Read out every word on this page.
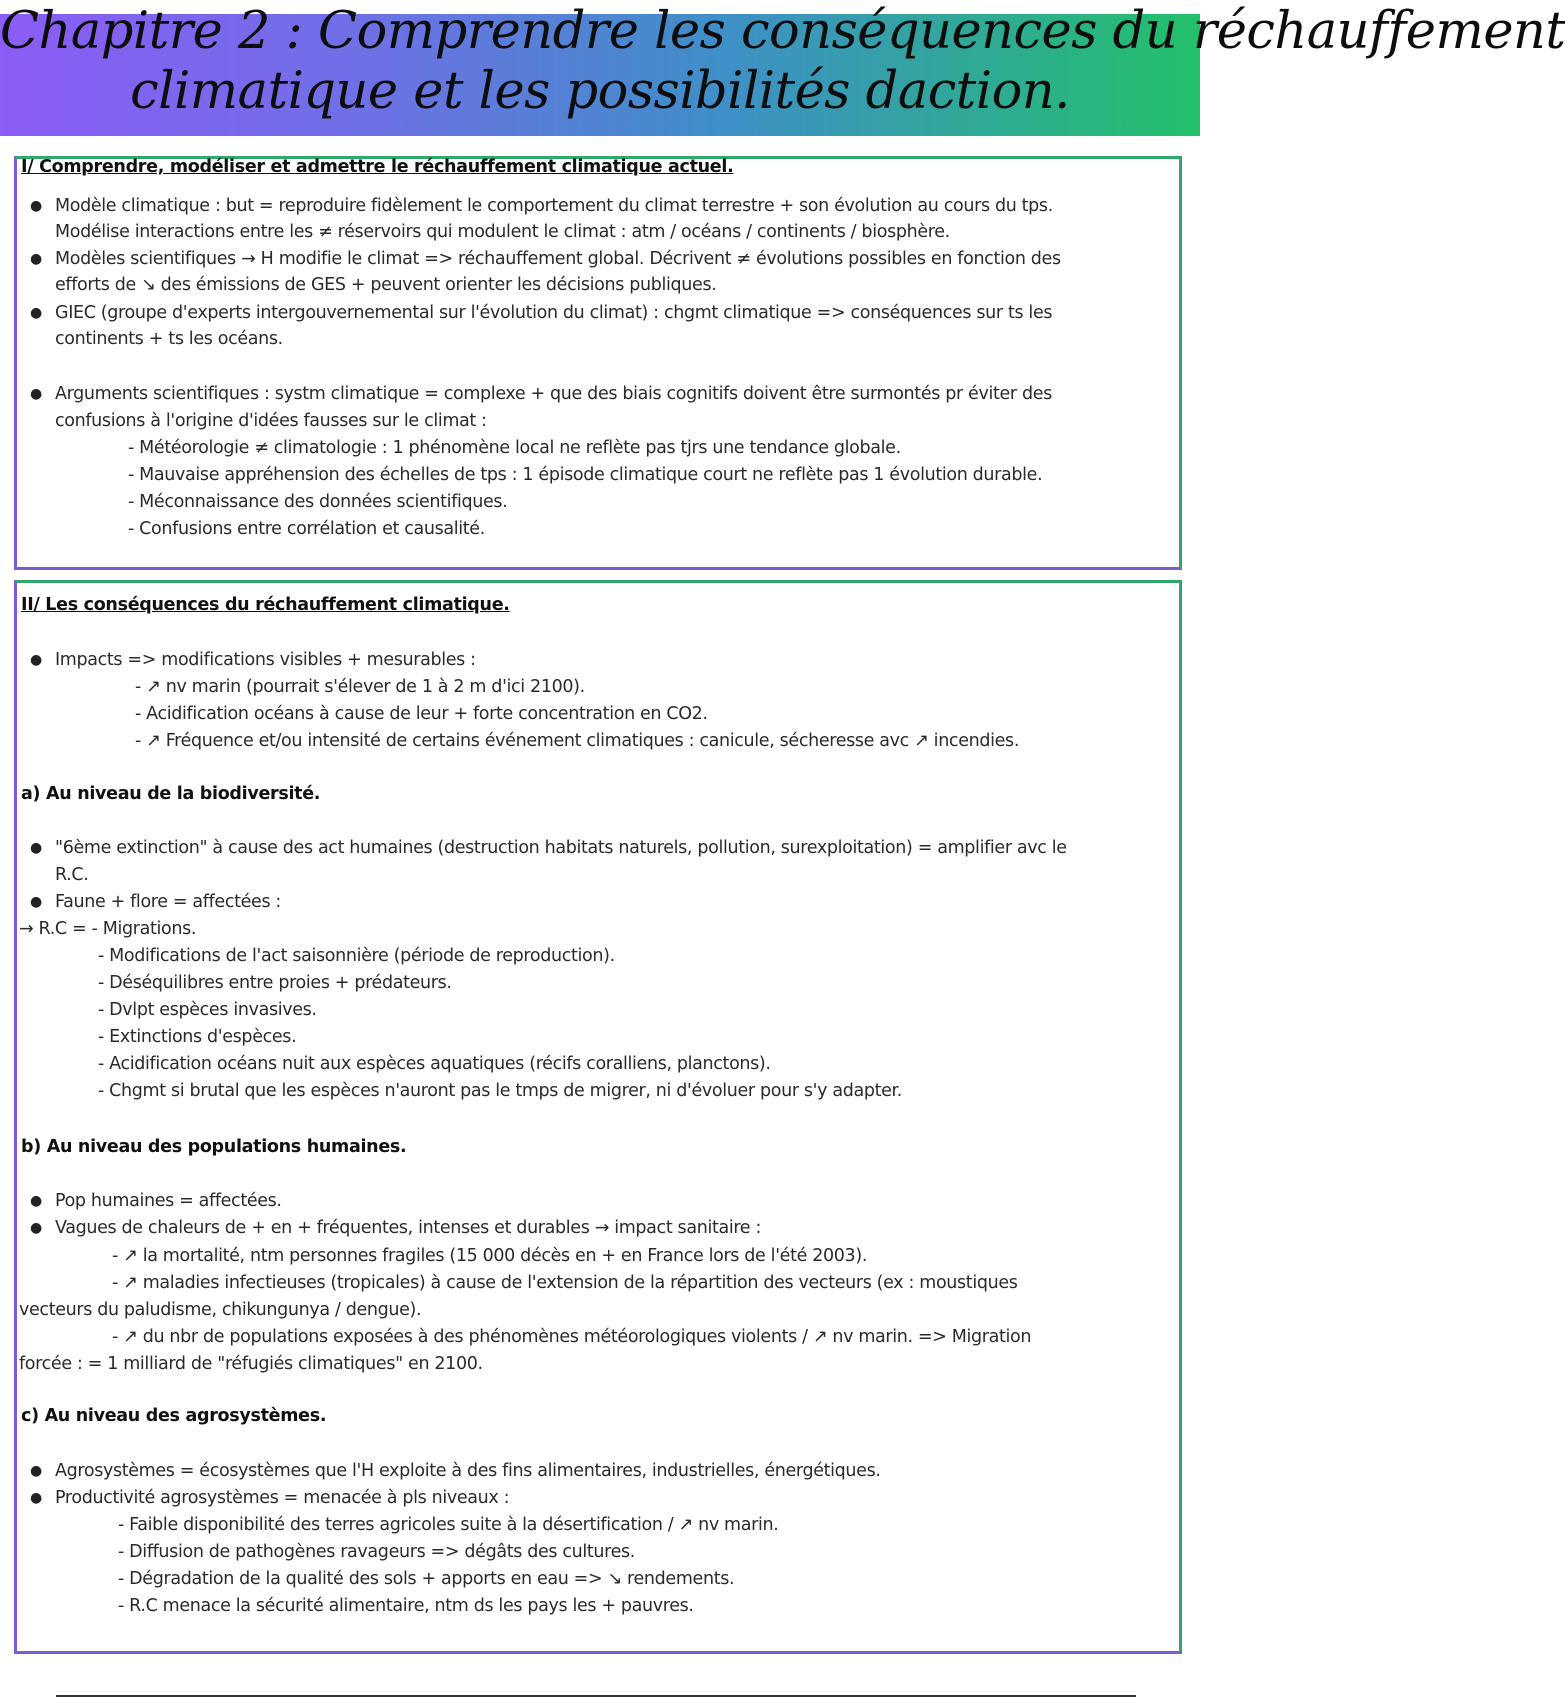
Chapitre 2 : Comprendre les conséquences du réchauffement
climatique et les possibilités daction.
I/ Comprendre, modéliser et admettre le réchauffement climatique actuel.
● Modèle climatique : but = reproduire fidèlement le comportement du climat terrestre + son évolution au cours du tps.
Modélise interactions entre les ≠ réservoirs qui modulent le climat : atm / océans / continents / biosphère.
● Modèles scientifiques → H modifie le climat => réchauffement global. Décrivent ≠ évolutions possibles en fonction des
efforts de ↘ des émissions de GES + peuvent orienter les décisions publiques.
● GIEC (groupe d'experts intergouvernemental sur l'évolution du climat) : chgmt climatique => conséquences sur ts les
continents + ts les océans.
● Arguments scientifiques : systm climatique = complexe + que des biais cognitifs doivent être surmontés pr éviter des
confusions à l'origine d'idées fausses sur le climat :
- Météorologie ≠ climatologie : 1 phénomène local ne reflète pas tjrs une tendance globale.
- Mauvaise appréhension des échelles de tps : 1 épisode climatique court ne reflète pas 1 évolution durable.
- Méconnaissance des données scientifiques.
- Confusions entre corrélation et causalité.
II/ Les conséquences du réchauffement climatique.
● Impacts => modifications visibles + mesurables :
- ↗ nv marin (pourrait s'élever de 1 à 2 m d'ici 2100).
- Acidification océans à cause de leur + forte concentration en CO2.
- ↗ Fréquence et/ou intensité de certains événement climatiques : canicule, sécheresse avc ↗ incendies.
a) Au niveau de la biodiversité.
● "6ème extinction" à cause des act humaines (destruction habitats naturels, pollution, surexploitation) = amplifier avc le
R.C.
● Faune + flore = affectées :
→ R.C = - Migrations.
- Modifications de l'act saisonnière (période de reproduction).
- Déséquilibres entre proies + prédateurs.
- Dvlpt espèces invasives.
- Extinctions d'espèces.
- Acidification océans nuit aux espèces aquatiques (récifs coralliens, planctons).
- Chgmt si brutal que les espèces n'auront pas le tmps de migrer, ni d'évoluer pour s'y adapter.
b) Au niveau des populations humaines.
● Pop humaines = affectées.
● Vagues de chaleurs de + en + fréquentes, intenses et durables → impact sanitaire :
- ↗ la mortalité, ntm personnes fragiles (15 000 décès en + en France lors de l'été 2003).
- ↗ maladies infectieuses (tropicales) à cause de l'extension de la répartition des vecteurs (ex : moustiques
vecteurs du paludisme, chikungunya / dengue).
- ↗ du nbr de populations exposées à des phénomènes météorologiques violents / ↗ nv marin. => Migration
forcée : = 1 milliard de "réfugiés climatiques" en 2100.
c) Au niveau des agrosystèmes.
● Agrosystèmes = écosystèmes que l'H exploite à des fins alimentaires, industrielles, énergétiques.
● Productivité agrosystèmes = menacée à pls niveaux :
- Faible disponibilité des terres agricoles suite à la désertification / ↗ nv marin.
- Diffusion de pathogènes ravageurs => dégâts des cultures.
- Dégradation de la qualité des sols + apports en eau => ↘ rendements.
- R.C menace la sécurité alimentaire, ntm ds les pays les + pauvres.
